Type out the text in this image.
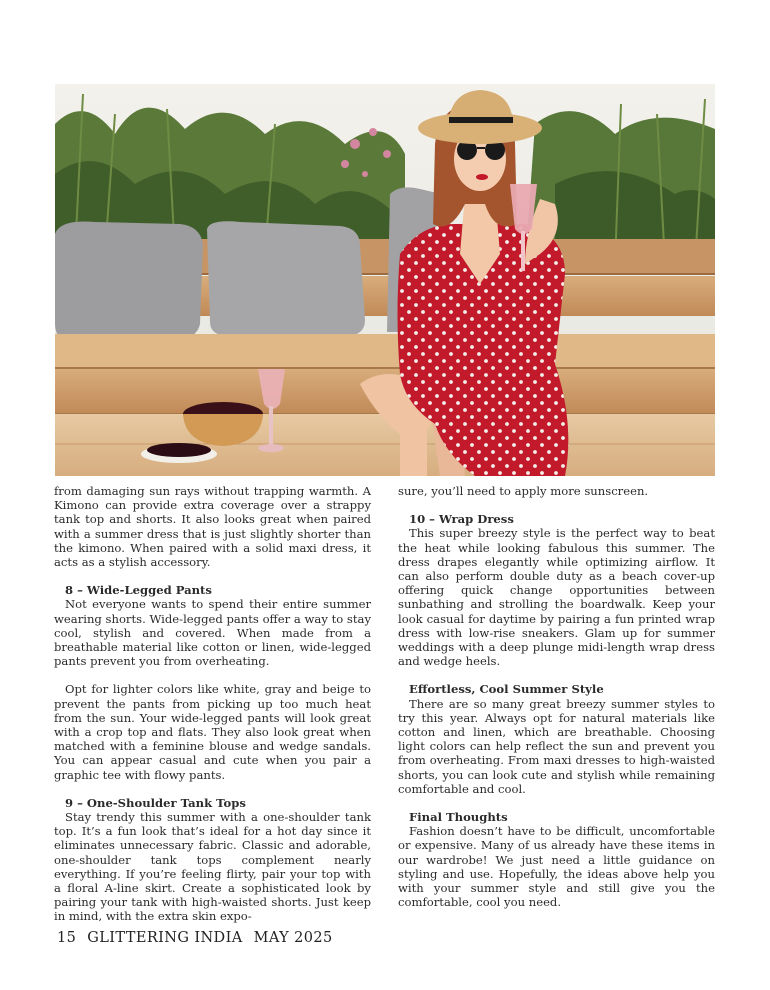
from damaging sun rays without trapping warmth. A Kimono can provide extra coverage over a strappy tank top and shorts. It also looks great when paired with a summer dress that is just slightly shorter than the kimono. When paired with a solid maxi dress, it acts as a stylish accessory.

8 – Wide-Legged Pants

Not everyone wants to spend their entire summer wearing shorts. Wide-legged pants offer a way to stay cool, stylish and covered. When made from a breathable material like cotton or linen, wide-legged pants prevent you from overheating.

Opt for lighter colors like white, gray and beige to prevent the pants from picking up too much heat from the sun. Your wide-legged pants will look great with a crop top and flats. They also look great when matched with a feminine blouse and wedge sandals. You can appear casual and cute when you pair a graphic tee with flowy pants.

9 – One-Shoulder Tank Tops

Stay trendy this summer with a one-shoulder tank top. It’s a fun look that’s ideal for a hot day since it eliminates unnecessary fabric. Classic and adorable, one-shoulder tank tops complement nearly everything. If you’re feeling flirty, pair your top with a floral A-line skirt. Create a sophisticated look by pairing your tank with high-waisted shorts. Just keep in mind, with the extra skin expo-

sure, you’ll need to apply more sunscreen.

10 – Wrap Dress

This super breezy style is the perfect way to beat the heat while looking fabulous this summer. The dress drapes elegantly while optimizing airflow. It can also perform double duty as a beach cover-up offering quick change opportunities between sunbathing and strolling the boardwalk. Keep your look casual for daytime by pairing a fun printed wrap dress with low-rise sneakers. Glam up for summer weddings with a deep plunge midi-length wrap dress and wedge heels.

Effortless, Cool Summer Style

There are so many great breezy summer styles to try this year. Always opt for natural materials like cotton and linen, which are breathable. Choosing light colors can help reflect the sun and prevent you from overheating. From maxi dresses to high-waisted shorts, you can look cute and stylish while remaining comfortable and cool.

Final Thoughts

Fashion doesn’t have to be difficult, uncomfortable or expensive. Many of us already have these items in our wardrobe! We just need a little guidance on styling and use. Hopefully, the ideas above help you with your summer style and still give you the comfortable, cool you need.

15 GLITTERING INDIA MAY 2025
